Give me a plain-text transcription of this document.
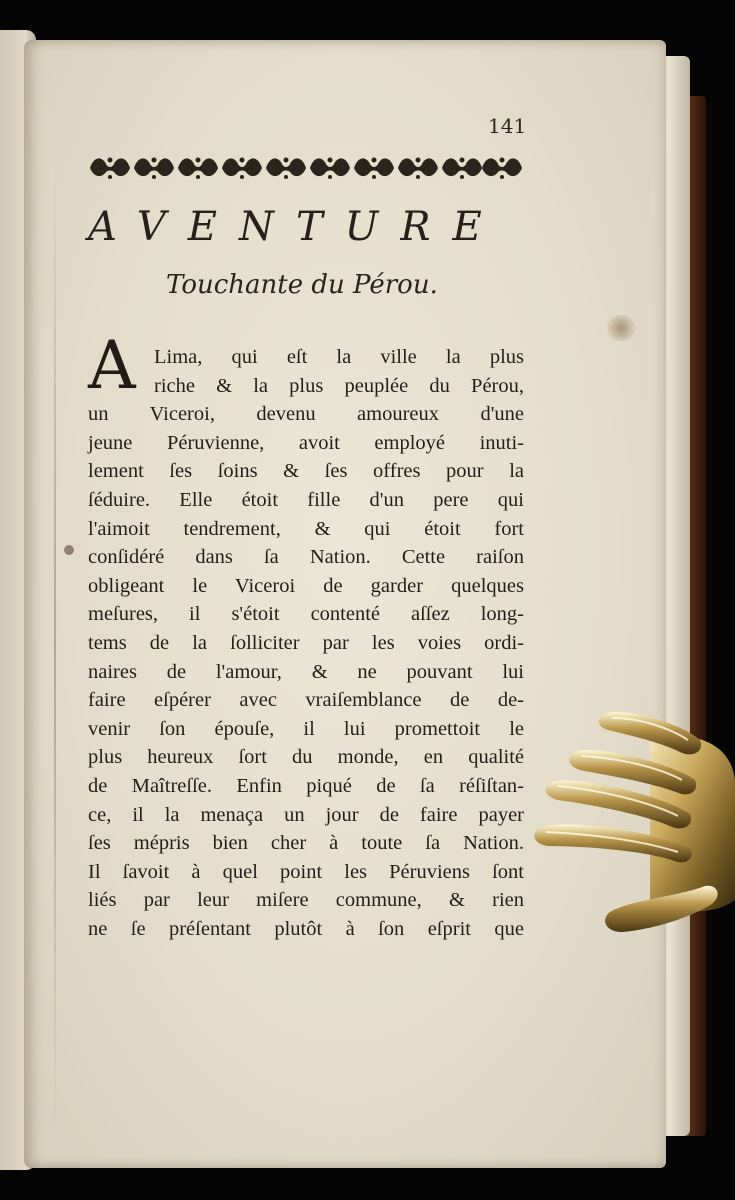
141
AVENTURE
Touchante du Pérou.
A Lima, qui eſt la ville la plus
riche & la plus peuplée du Pérou,
un Viceroi, devenu amoureux d'une
jeune Péruvienne, avoit employé inuti-
lement ſes ſoins & ſes offres pour la
ſéduire. Elle étoit fille d'un pere qui
l'aimoit tendrement, & qui étoit fort
conſidéré dans ſa Nation. Cette raiſon
obligeant le Viceroi de garder quelques
meſures, il s'étoit contenté aſſez long-
tems de la ſolliciter par les voies ordi-
naires de l'amour, & ne pouvant lui
faire eſpérer avec vraiſemblance de de-
venir ſon épouſe, il lui promettoit le
plus heureux ſort du monde, en qualité
de Maîtreſſe. Enfin piqué de ſa réſiſtan-
ce, il la menaça un jour de faire payer
ſes mépris bien cher à toute ſa Nation.
Il ſavoit à quel point les Péruviens ſont
liés par leur miſere commune, & rien
ne ſe préſentant plutôt à ſon eſprit que
